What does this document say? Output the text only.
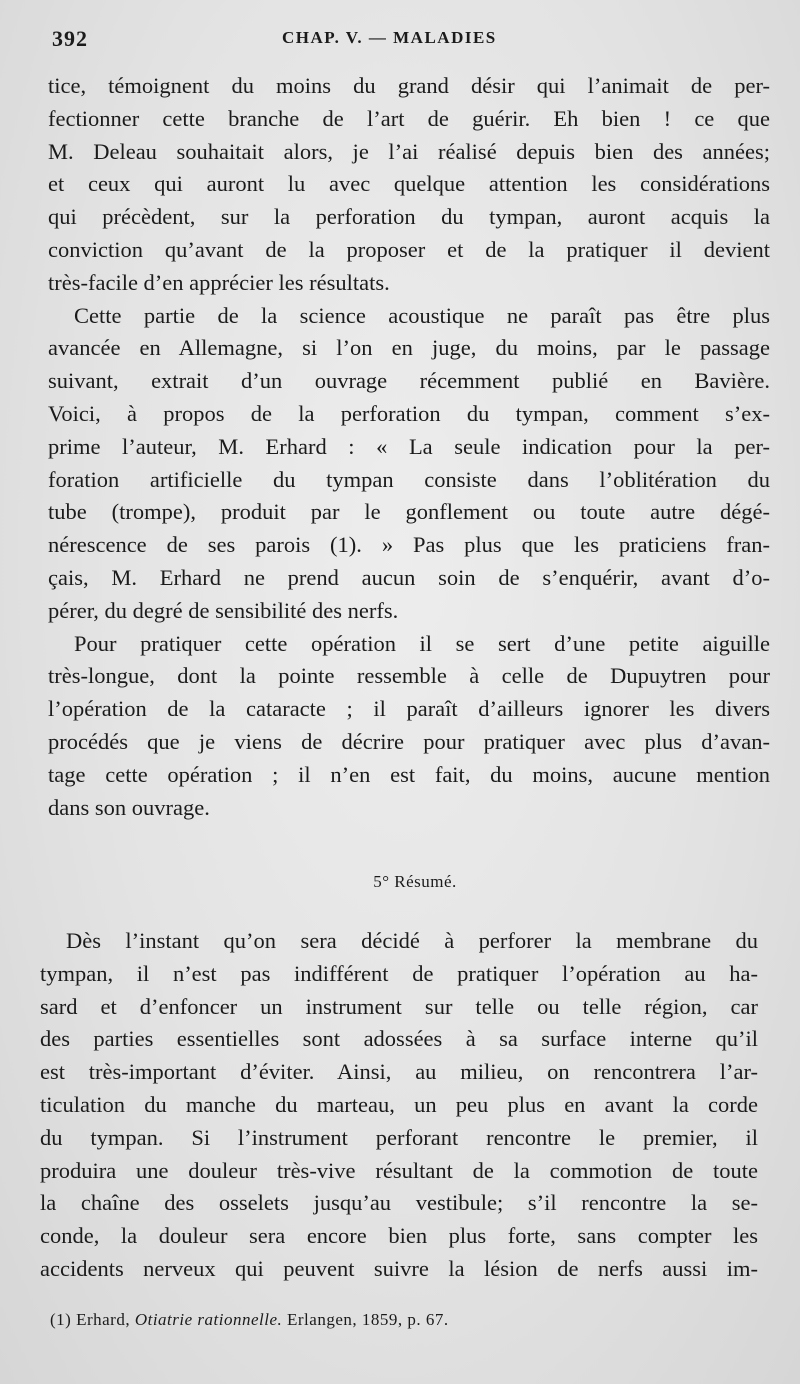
392	CHAP. V. — MALADIES
tice, témoignent du moins du grand désir qui l’animait de per-
fectionner cette branche de l’art de guérir. Eh bien ! ce que
M. Deleau souhaitait alors, je l’ai réalisé depuis bien des années;
et ceux qui auront lu avec quelque attention les considérations
qui précèdent, sur la perforation du tympan, auront acquis la
conviction qu’avant de la proposer et de la pratiquer il devient
très-facile d’en apprécier les résultats.
Cette partie de la science acoustique ne paraît pas être plus
avancée en Allemagne, si l’on en juge, du moins, par le passage
suivant, extrait d’un ouvrage récemment publié en Bavière.
Voici, à propos de la perforation du tympan, comment s’ex-
prime l’auteur, M. Erhard : « La seule indication pour la per-
foration artificielle du tympan consiste dans l’oblitération du
tube (trompe), produit par le gonflement ou toute autre dégé-
nérescence de ses parois (1). » Pas plus que les praticiens fran-
çais, M. Erhard ne prend aucun soin de s’enquérir, avant d’o-
pérer, du degré de sensibilité des nerfs.
Pour pratiquer cette opération il se sert d’une petite aiguille
très-longue, dont la pointe ressemble à celle de Dupuytren pour
l’opération de la cataracte ; il paraît d’ailleurs ignorer les divers
procédés que je viens de décrire pour pratiquer avec plus d’avan-
tage cette opération ; il n’en est fait, du moins, aucune mention
dans son ouvrage.
5° Résumé.
Dès l’instant qu’on sera décidé à perforer la membrane du
tympan, il n’est pas indifférent de pratiquer l’opération au ha-
sard et d’enfoncer un instrument sur telle ou telle région, car
des parties essentielles sont adossées à sa surface interne qu’il
est très-important d’éviter. Ainsi, au milieu, on rencontrera l’ar-
ticulation du manche du marteau, un peu plus en avant la corde
du tympan. Si l’instrument perforant rencontre le premier, il
produira une douleur très-vive résultant de la commotion de toute
la chaîne des osselets jusqu’au vestibule; s’il rencontre la se-
conde, la douleur sera encore bien plus forte, sans compter les
accidents nerveux qui peuvent suivre la lésion de nerfs aussi im-
(1) Erhard, Otiatrie rationnelle. Erlangen, 1859, p. 67.
